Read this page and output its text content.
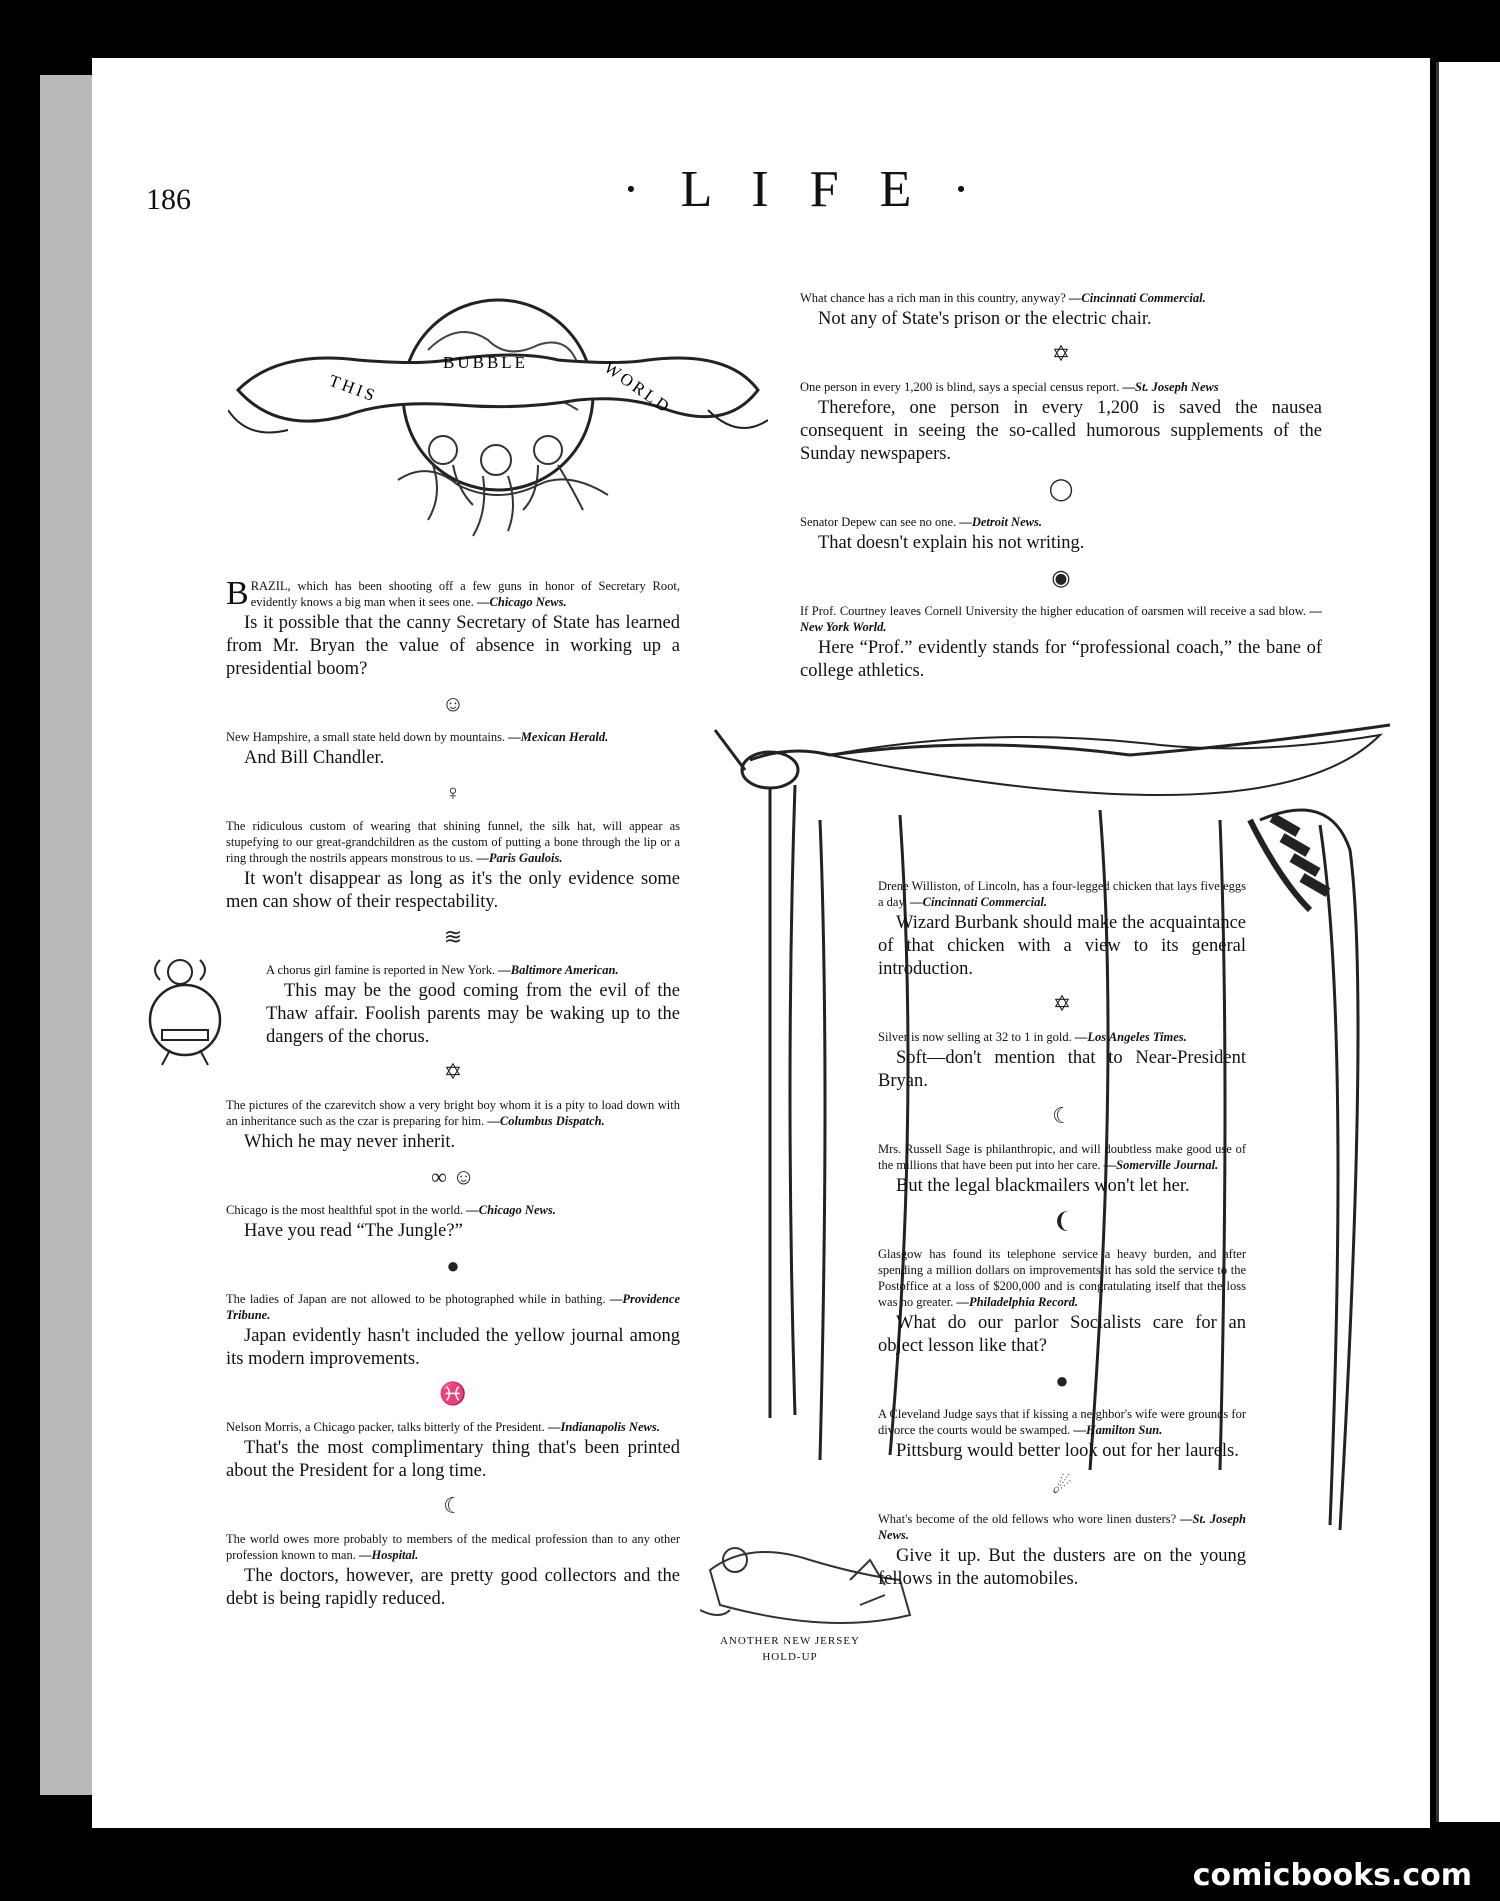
186	· L I F E ·
THIS
BUBBLE	WORLD

BRAZIL, which has been shooting off a few guns in honor of Secretary Root, evidently knows a big man when it sees one. —Chicago News.

Is it possible that the canny Secretary of State has learned from Mr. Bryan the value of absence in working up a presidential boom?

☺

New Hampshire, a small state held down by mountains. —Mexican Herald.

And Bill Chandler.

♀

The ridiculous custom of wearing that shining funnel, the silk hat, will appear as stupefying to our great-grandchildren as the custom of putting a bone through the lip or a ring through the nostrils appears monstrous to us. —Paris Gaulois.

It won't disappear as long as it's the only evidence some men can show of their respectability.

≋

A chorus girl famine is reported in New York. —Baltimore American.

This may be the good coming from the evil of the Thaw affair. Foolish parents may be waking up to the dangers of the chorus.

✡

The pictures of the czarevitch show a very bright boy whom it is a pity to load down with an inheritance such as the czar is preparing for him. —Columbus Dispatch.

Which he may never inherit.

∞ ☺

Chicago is the most healthful spot in the world. —Chicago News.

Have you read “The Jungle?”

●

The ladies of Japan are not allowed to be photographed while in bathing. —Providence Tribune.

Japan evidently hasn't included the yellow journal among its modern improvements.

♓

Nelson Morris, a Chicago packer, talks bitterly of the President. —Indianapolis News.

That's the most complimentary thing that's been printed about the President for a long time.

☾

The world owes more probably to members of the medical profession than to any other profession known to man. —Hospital.

The doctors, however, are pretty good collectors and the debt is being rapidly reduced.

What chance has a rich man in this country, anyway? —Cincinnati Commercial.

Not any of State's prison or the electric chair.

✡

One person in every 1,200 is blind, says a special census report. —St. Joseph News

Therefore, one person in every 1,200 is saved the nausea consequent in seeing the so-called humorous supplements of the Sunday newspapers.

◯

Senator Depew can see no one. —Detroit News.

That doesn't explain his not writing.

◉

If Prof. Courtney leaves Cornell University the higher education of oarsmen will receive a sad blow. —New York World.

Here “Prof.” evidently stands for “professional coach,” the bane of college athletics.

Drene Williston, of Lincoln, has a four-legged chicken that lays five eggs a day. —Cincinnati Commercial.

Wizard Burbank should make the acquaintance of that chicken with a view to its general introduction.

✡

Silver is now selling at 32 to 1 in gold. —Los Angeles Times.

Soft—don't mention that to Near-President Bryan.

☾

Mrs. Russell Sage is philanthropic, and will doubtless make good use of the millions that have been put into her care. —Somerville Journal.

But the legal blackmailers won't let her.

❨

Glasgow has found its telephone service a heavy burden, and after spending a million dollars on improvements it has sold the service to the Postoffice at a loss of $200,000 and is congratulating itself that the loss was no greater. —Philadelphia Record.

What do our parlor Socialists care for an object lesson like that?

●

A Cleveland Judge says that if kissing a neighbor's wife were grounds for divorce the courts would be swamped. —Hamilton Sun.

Pittsburg would better look out for her laurels.

☄

What's become of the old fellows who wore linen dusters? —St. Joseph News.

Give it up. But the dusters are on the young fellows in the automobiles.

ANOTHER NEW JERSEY
HOLD-UP
comicbooks.com
